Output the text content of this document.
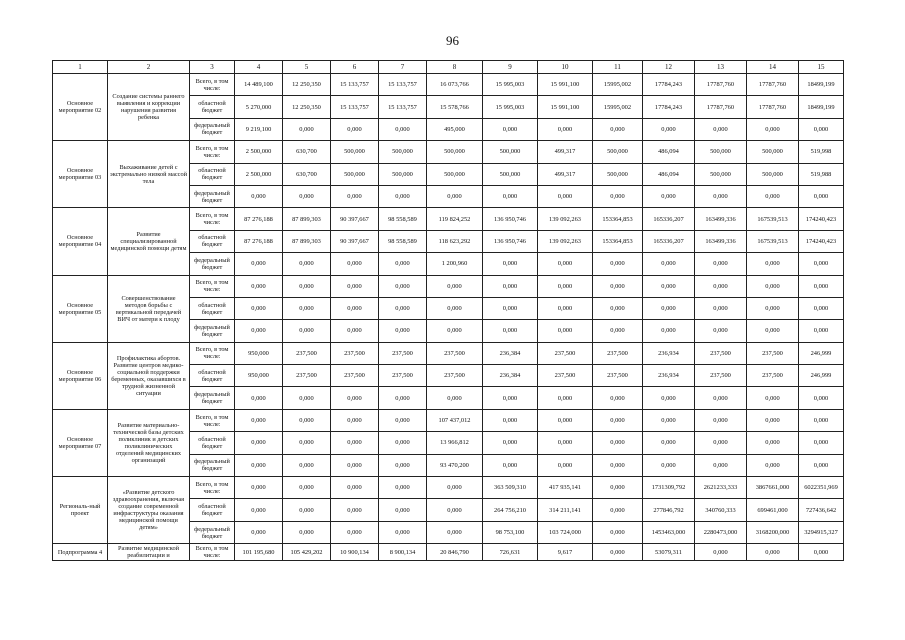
96
1	2	3	4	5	6	7	8	9	10	11	12	13	14	15
Основное мероприятие 02	Создание системы раннего выявления и коррекции нарушения развития ребенка	Всего, в том числе:	14 489,100	12 250,350	15 133,757	15 133,757	16 073,766	15 995,003	15 991,100	15995,002	17784,243	17787,760	17787,760	18499,199
		областной бюджет	5 270,000	12 250,350	15 133,757	15 133,757	15 578,766	15 995,003	15 991,100	15995,002	17784,243	17787,760	17787,760	18499,199
		федеральный бюджет	9 219,100	0,000	0,000	0,000	495,000	0,000	0,000	0,000	0,000	0,000	0,000	0,000
Основное мероприятие 03	Выхаживание детей с экстремально низкой массой тела	Всего, в том числе:	2 500,000	630,700	500,000	500,000	500,000	500,000	499,317	500,000	486,094	500,000	500,000	519,998
		областной бюджет	2 500,000	630,700	500,000	500,000	500,000	500,000	499,317	500,000	486,094	500,000	500,000	519,988
		федеральный бюджет	0,000	0,000	0,000	0,000	0,000	0,000	0,000	0,000	0,000	0,000	0,000	0,000
Основное мероприятие 04	Развитие специализированной медицинской помощи детям	Всего, в том числе:	87 276,188	87 899,303	90 397,667	98 558,589	119 824,252	136 950,746	139 092,263	153364,853	165336,207	163499,336	167539,513	174240,423
		областной бюджет	87 276,188	87 899,303	90 397,667	98 558,589	118 623,292	136 950,746	139 092,263	153364,853	165336,207	163499,336	167539,513	174240,423
		федеральный бюджет	0,000	0,000	0,000	0,000	1 200,960	0,000	0,000	0,000	0,000	0,000	0,000	0,000
Основное мероприятие 05	Совершенствование методов борьбы с вертикальной передачей ВИЧ от матери к плоду	Всего, в том числе:	0,000	0,000	0,000	0,000	0,000	0,000	0,000	0,000	0,000	0,000	0,000	0,000
		областной бюджет	0,000	0,000	0,000	0,000	0,000	0,000	0,000	0,000	0,000	0,000	0,000	0,000
		федеральный бюджет	0,000	0,000	0,000	0,000	0,000	0,000	0,000	0,000	0,000	0,000	0,000	0,000
Основное мероприятие 06	Профилактика абортов. Развитие центров медико-социальной поддержки беременных, оказавшихся в трудной жизненной ситуации	Всего, в том числе:	950,000	237,500	237,500	237,500	237,500	236,384	237,500	237,500	236,934	237,500	237,500	246,999
		областной бюджет	950,000	237,500	237,500	237,500	237,500	236,384	237,500	237,500	236,934	237,500	237,500	246,999
		федеральный бюджет	0,000	0,000	0,000	0,000	0,000	0,000	0,000	0,000	0,000	0,000	0,000	0,000
Основное мероприятие 07	Развитие материально-технической базы детских поликлиник и детских поликлинических отделений медицинских организаций	Всего, в том числе:	0,000	0,000	0,000	0,000	107 437,012	0,000	0,000	0,000	0,000	0,000	0,000	0,000
		областной бюджет	0,000	0,000	0,000	0,000	13 966,812	0,000	0,000	0,000	0,000	0,000	0,000	0,000
		федеральный бюджет	0,000	0,000	0,000	0,000	93 470,200	0,000	0,000	0,000	0,000	0,000	0,000	0,000
Региональ-ный проект	«Развитие детского здравоохранения, включая создание современной инфраструктуры оказания медицинской помощи детям»	Всего, в том числе:	0,000	0,000	0,000	0,000	0,000	363 509,310	417 935,141	0,000	1731309,792	2621233,333	3867661,000	6022351,969
		областной бюджет	0,000	0,000	0,000	0,000	0,000	264 756,210	314 211,141	0,000	277846,792	340760,333	699461,000	727436,642
		федеральный бюджет	0,000	0,000	0,000	0,000	0,000	98 753,100	103 724,000	0,000	1453463,000	2280473,000	3168200,000	3294915,327
Подпрограмма 4	Развитие медицинской реабилитации и	Всего, в том числе:	101 195,680	105 429,202	10 900,134	8 900,134	20 846,790	726,631	9,617	0,000	53079,311	0,000	0,000	0,000
